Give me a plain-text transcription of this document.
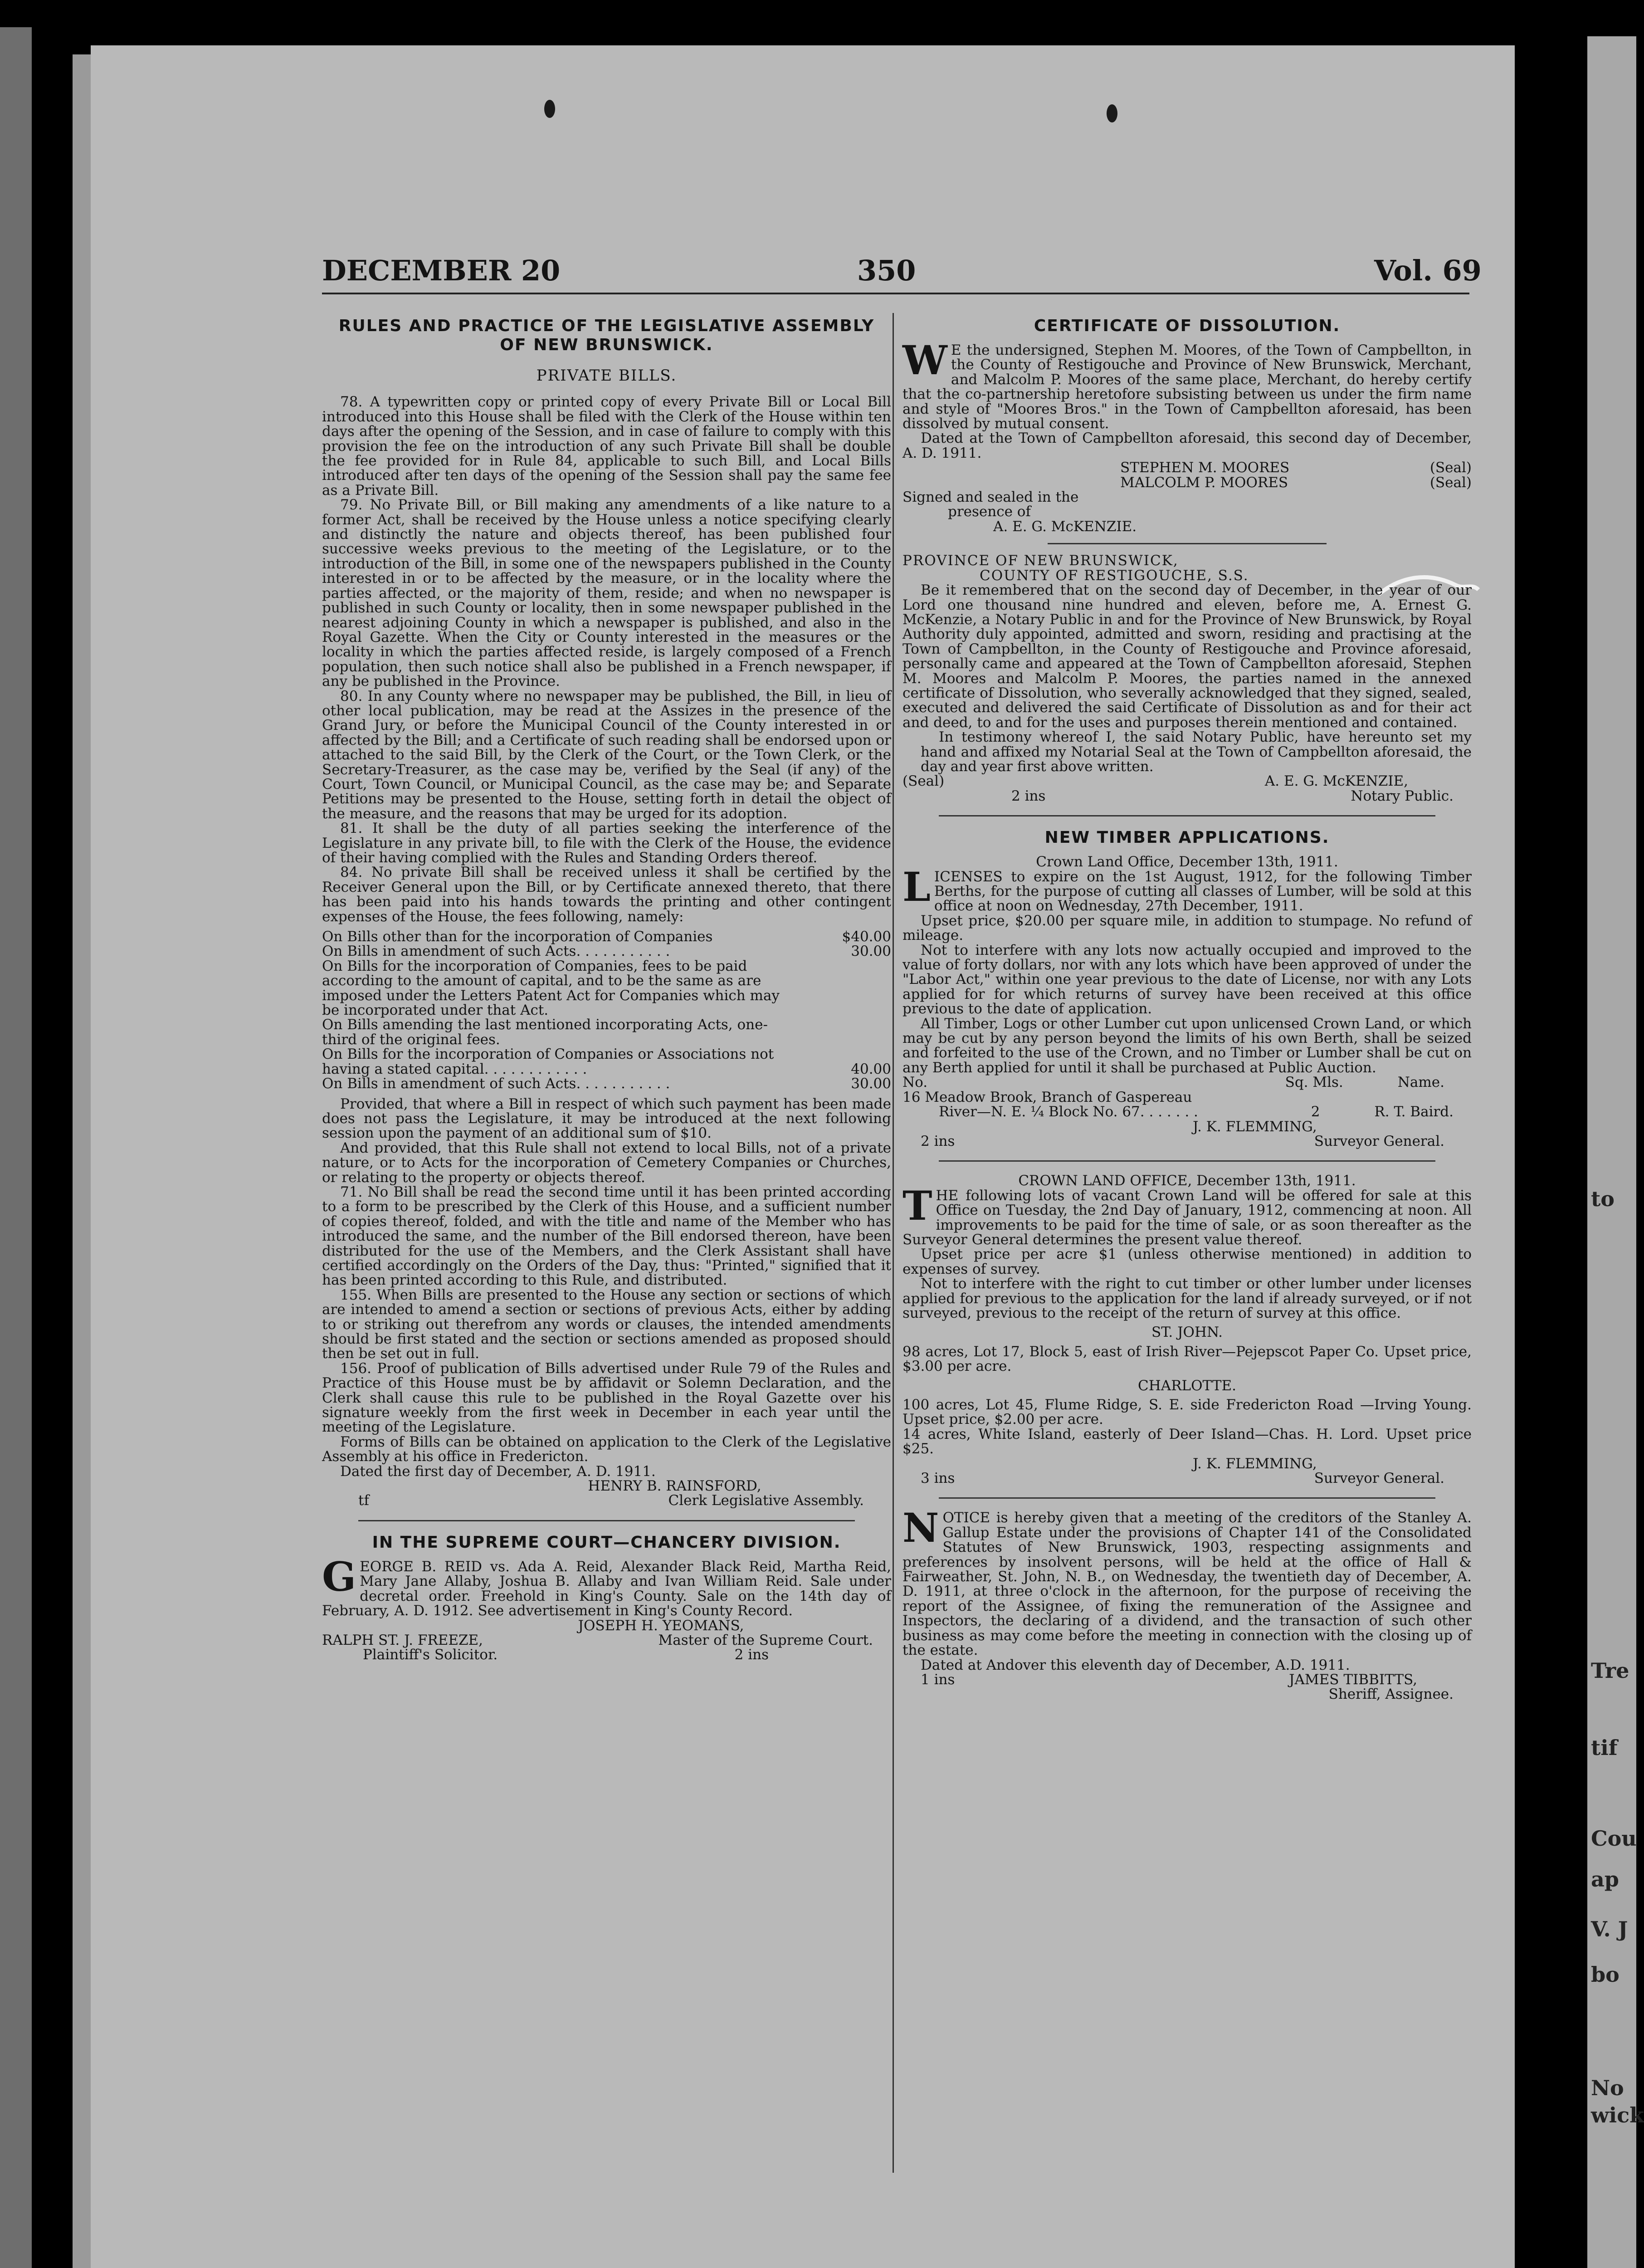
to
Tre
tif
Cou
ap
V. J
bo
No
wick
DECEMBER 20	350	Vol. 69
RULES AND PRACTICE OF THE LEGISLATIVE ASSEMBLY OF NEW BRUNSWICK.
PRIVATE BILLS.

78. A typewritten copy or printed copy of every Private Bill or Local Bill introduced into this House shall be filed with the Clerk of the House within ten days after the opening of the Session, and in case of failure to comply with this provision the fee on the introduction of any such Private Bill shall be double the fee provided for in Rule 84, applicable to such Bill, and Local Bills introduced after ten days of the opening of the Session shall pay the same fee as a Private Bill.

79. No Private Bill, or Bill making any amendments of a like nature to a former Act, shall be received by the House unless a notice specifying clearly and distinctly the nature and objects thereof, has been published four successive weeks previous to the meeting of the Legislature, or to the introduction of the Bill, in some one of the newspapers published in the County interested in or to be affected by the measure, or in the locality where the parties affected, or the majority of them, reside; and when no newspaper is published in such County or locality, then in some newspaper published in the nearest adjoining County in which a newspaper is published, and also in the Royal Gazette. When the City or County interested in the measures or the locality in which the parties affected reside, is largely composed of a French population, then such notice shall also be published in a French newspaper, if any be published in the Province.

80. In any County where no newspaper may be published, the Bill, in lieu of other local publication, may be read at the Assizes in the presence of the Grand Jury, or before the Municipal Council of the County interested in or affected by the Bill; and a Certificate of such reading shall be endorsed upon or attached to the said Bill, by the Clerk of the Court, or the Town Clerk, or the Secretary-Treasurer, as the case may be, verified by the Seal (if any) of the Court, Town Council, or Municipal Council, as the case may be; and Separate Petitions may be presented to the House, setting forth in detail the object of the measure, and the reasons that may be urged for its adoption.

81. It shall be the duty of all parties seeking the interference of the Legislature in any private bill, to file with the Clerk of the House, the evidence of their having complied with the Rules and Standing Orders thereof.

84. No private Bill shall be received unless it shall be certified by the Receiver General upon the Bill, or by Certificate annexed thereto, that there has been paid into his hands towards the printing and other contingent expenses of the House, the fees following, namely:

On Bills other than for the incorporation of Companies	$40.00
On Bills in amendment of such Acts. . . . . . . . . . .	30.00
On Bills for the incorporation of Companies, fees to be paid according to the amount of capital, and to be the same as are imposed under the Letters Patent Act for Companies which may be incorporated under that Act.
On Bills amending the last mentioned incorporating Acts, one-third of the original fees.
On Bills for the incorporation of Companies or Associations not having a stated capital. . . . . . . . . . . .	40.00
On Bills in amendment of such Acts. . . . . . . . . . .	30.00

Provided, that where a Bill in respect of which such payment has been made does not pass the Legislature, it may be introduced at the next following session upon the payment of an additional sum of $10.

And provided, that this Rule shall not extend to local Bills, not of a private nature, or to Acts for the incorporation of Cemetery Companies or Churches, or relating to the property or objects thereof.

71. No Bill shall be read the second time until it has been printed according to a form to be prescribed by the Clerk of this House, and a sufficient number of copies thereof, folded, and with the title and name of the Member who has introduced the same, and the number of the Bill endorsed thereon, have been distributed for the use of the Members, and the Clerk Assistant shall have certified accordingly on the Orders of the Day, thus: "Printed," signified that it has been printed according to this Rule, and distributed.

155. When Bills are presented to the House any section or sections of which are intended to amend a section or sections of previous Acts, either by adding to or striking out therefrom any words or clauses, the intended amendments should be first stated and the section or sections amended as proposed should then be set out in full.

156. Proof of publication of Bills advertised under Rule 79 of the Rules and Practice of this House must be by affidavit or Solemn Declaration, and the Clerk shall cause this rule to be published in the Royal Gazette over his signature weekly from the first week in December in each year until the meeting of the Legislature.

Forms of Bills can be obtained on application to the Clerk of the Legislative Assembly at his office in Fredericton.

Dated the first day of December, A. D. 1911.

HENRY B. RAINSFORD,
tf	Clerk Legislative Assembly.
IN THE SUPREME COURT—CHANCERY DIVISION.
G EORGE B. REID vs. Ada A. Reid, Alexander Black Reid, Martha Reid, Mary Jane Allaby, Joshua B. Allaby and Ivan William Reid. Sale under decretal order. Freehold in King's County. Sale on the 14th day of February, A. D. 1912. See advertisement in King's County Record.

JOSEPH H. YEOMANS,
RALPH ST. J. FREEZE,	Master of the Supreme Court.
Plaintiff's Solicitor.	2 ins
CERTIFICATE OF DISSOLUTION.
W E the undersigned, Stephen M. Moores, of the Town of Campbellton, in the County of Restigouche and Province of New Brunswick, Merchant, and Malcolm P. Moores of the same place, Merchant, do hereby certify that the co-partnership heretofore subsisting between us under the firm name and style of "Moores Bros." in the Town of Campbellton aforesaid, has been dissolved by mutual consent.

Dated at the Town of Campbellton aforesaid, this second day of December, A. D. 1911.

STEPHEN M. MOORES	(Seal)
MALCOLM P. MOORES	(Seal)
Signed and sealed in the
presence of
A. E. G. McKENZIE.
PROVINCE OF NEW BRUNSWICK,
COUNTY OF RESTIGOUCHE, S.S.

Be it remembered that on the second day of December, in the year of our Lord one thousand nine hundred and eleven, before me, A. Ernest G. McKenzie, a Notary Public in and for the Province of New Brunswick, by Royal Authority duly appointed, admitted and sworn, residing and practising at the Town of Campbellton, in the County of Restigouche and Province aforesaid, personally came and appeared at the Town of Campbellton aforesaid, Stephen M. Moores and Malcolm P. Moores, the parties named in the annexed certificate of Dissolution, who severally acknowledged that they signed, sealed, executed and delivered the said Certificate of Dissolution as and for their act and deed, to and for the uses and purposes therein mentioned and contained.

In testimony whereof I, the said Notary Public, have hereunto set my hand and affixed my Notarial Seal at the Town of Campbellton aforesaid, the day and year first above written.

(Seal)	A. E. G. McKENZIE,
2 ins	Notary Public.
NEW TIMBER APPLICATIONS.
Crown Land Office, December 13th, 1911.
L ICENSES to expire on the 1st August, 1912, for the following Timber Berths, for the purpose of cutting all classes of Lumber, will be sold at this office at noon on Wednesday, 27th December, 1911.

Upset price, $20.00 per square mile, in addition to stumpage. No refund of mileage.

Not to interfere with any lots now actually occupied and improved to the value of forty dollars, nor with any lots which have been approved of under the "Labor Act," within one year previous to the date of License, nor with any Lots applied for for which returns of survey have been received at this office previous to the date of application.

All Timber, Logs or other Lumber cut upon unlicensed Crown Land, or which may be cut by any person beyond the limits of his own Berth, shall be seized and forfeited to the use of the Crown, and no Timber or Lumber shall be cut on any Berth applied for until it shall be purchased at Public Auction.

No.	Sq. Mls.	Name.
16 Meadow Brook, Branch of Gaspereau
River—N. E. ¼ Block No. 67. . . . . . .	2	R. T. Baird.
J. K. FLEMMING,
2 ins	Surveyor General.
CROWN LAND OFFICE, December 13th, 1911.
T HE following lots of vacant Crown Land will be offered for sale at this Office on Tuesday, the 2nd Day of January, 1912, commencing at noon. All improvements to be paid for the time of sale, or as soon thereafter as the Surveyor General determines the present value thereof.

Upset price per acre $1 (unless otherwise mentioned) in addition to expenses of survey.

Not to interfere with the right to cut timber or other lumber under licenses applied for previous to the application for the land if already surveyed, or if not surveyed, previous to the receipt of the return of survey at this office.

ST. JOHN.

98 acres, Lot 17, Block 5, east of Irish River—Pejepscot Paper Co. Upset price, $3.00 per acre.

CHARLOTTE.

100 acres, Lot 45, Flume Ridge, S. E. side Fredericton Road —Irving Young. Upset price, $2.00 per acre.

14 acres, White Island, easterly of Deer Island—Chas. H. Lord. Upset price $25.

J. K. FLEMMING,
3 ins	Surveyor General.
N OTICE is hereby given that a meeting of the creditors of the Stanley A. Gallup Estate under the provisions of Chapter 141 of the Consolidated Statutes of New Brunswick, 1903, respecting assignments and preferences by insolvent persons, will be held at the office of Hall & Fairweather, St. John, N. B., on Wednesday, the twentieth day of December, A. D. 1911, at three o'clock in the afternoon, for the purpose of receiving the report of the Assignee, of fixing the remuneration of the Assignee and Inspectors, the declaring of a dividend, and the transaction of such other business as may come before the meeting in connection with the closing up of the estate.

Dated at Andover this eleventh day of December, A.D. 1911.

1 ins	JAMES TIBBITTS,
Sheriff, Assignee.
